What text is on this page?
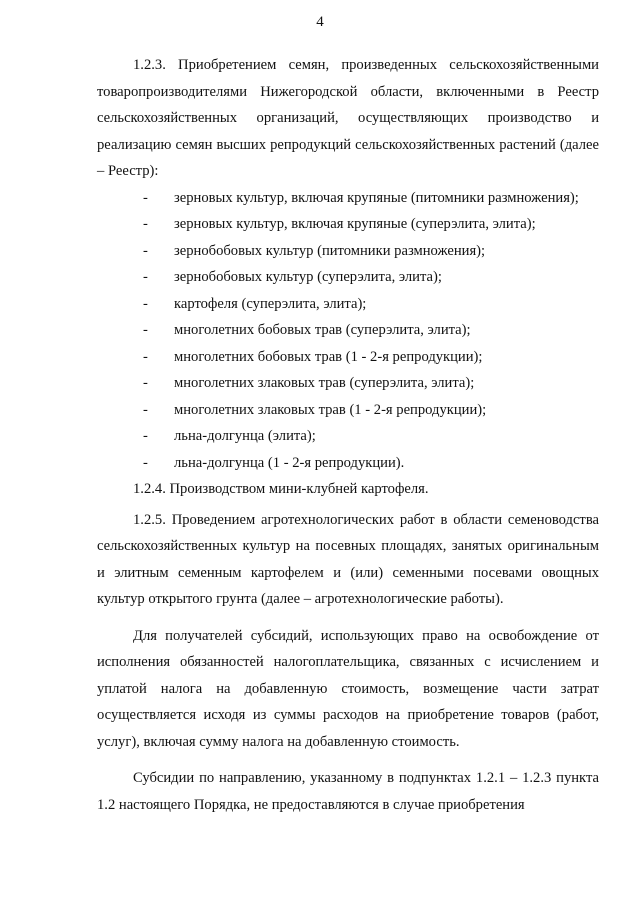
4

1.2.3. Приобретением семян, произведенных сельскохозяйственными товаропроизводителями Нижегородской области, включенными в Реестр сельскохозяйственных организаций, осуществляющих производство и реализацию семян высших репродукций сельскохозяйственных растений (далее – Реестр):

- зерновых культур, включая крупяные (питомники размножения);
- зерновых культур, включая крупяные (суперэлита, элита);
- зернобобовых культур (питомники размножения);
- зернобобовых культур (суперэлита, элита);
- картофеля (суперэлита, элита);
- многолетних бобовых трав (суперэлита, элита);
- многолетних бобовых трав (1 - 2-я репродукции);
- многолетних злаковых трав (суперэлита, элита);
- многолетних злаковых трав (1 - 2-я репродукции);
- льна-долгунца (элита);
- льна-долгунца (1 - 2-я репродукции).

1.2.4. Производством мини-клубней картофеля.

1.2.5. Проведением агротехнологических работ в области семеноводства сельскохозяйственных культур на посевных площадях, занятых оригинальным и элитным семенным картофелем и (или) семенными посевами овощных культур открытого грунта (далее – агротехнологические работы).

Для получателей субсидий, использующих право на освобождение от исполнения обязанностей налогоплательщика, связанных с исчислением и уплатой налога на добавленную стоимость, возмещение части затрат осуществляется исходя из суммы расходов на приобретение товаров (работ, услуг), включая сумму налога на добавленную стоимость.

Субсидии по направлению, указанному в подпунктах 1.2.1 – 1.2.3 пункта 1.2 настоящего Порядка, не предоставляются в случае приобретения
